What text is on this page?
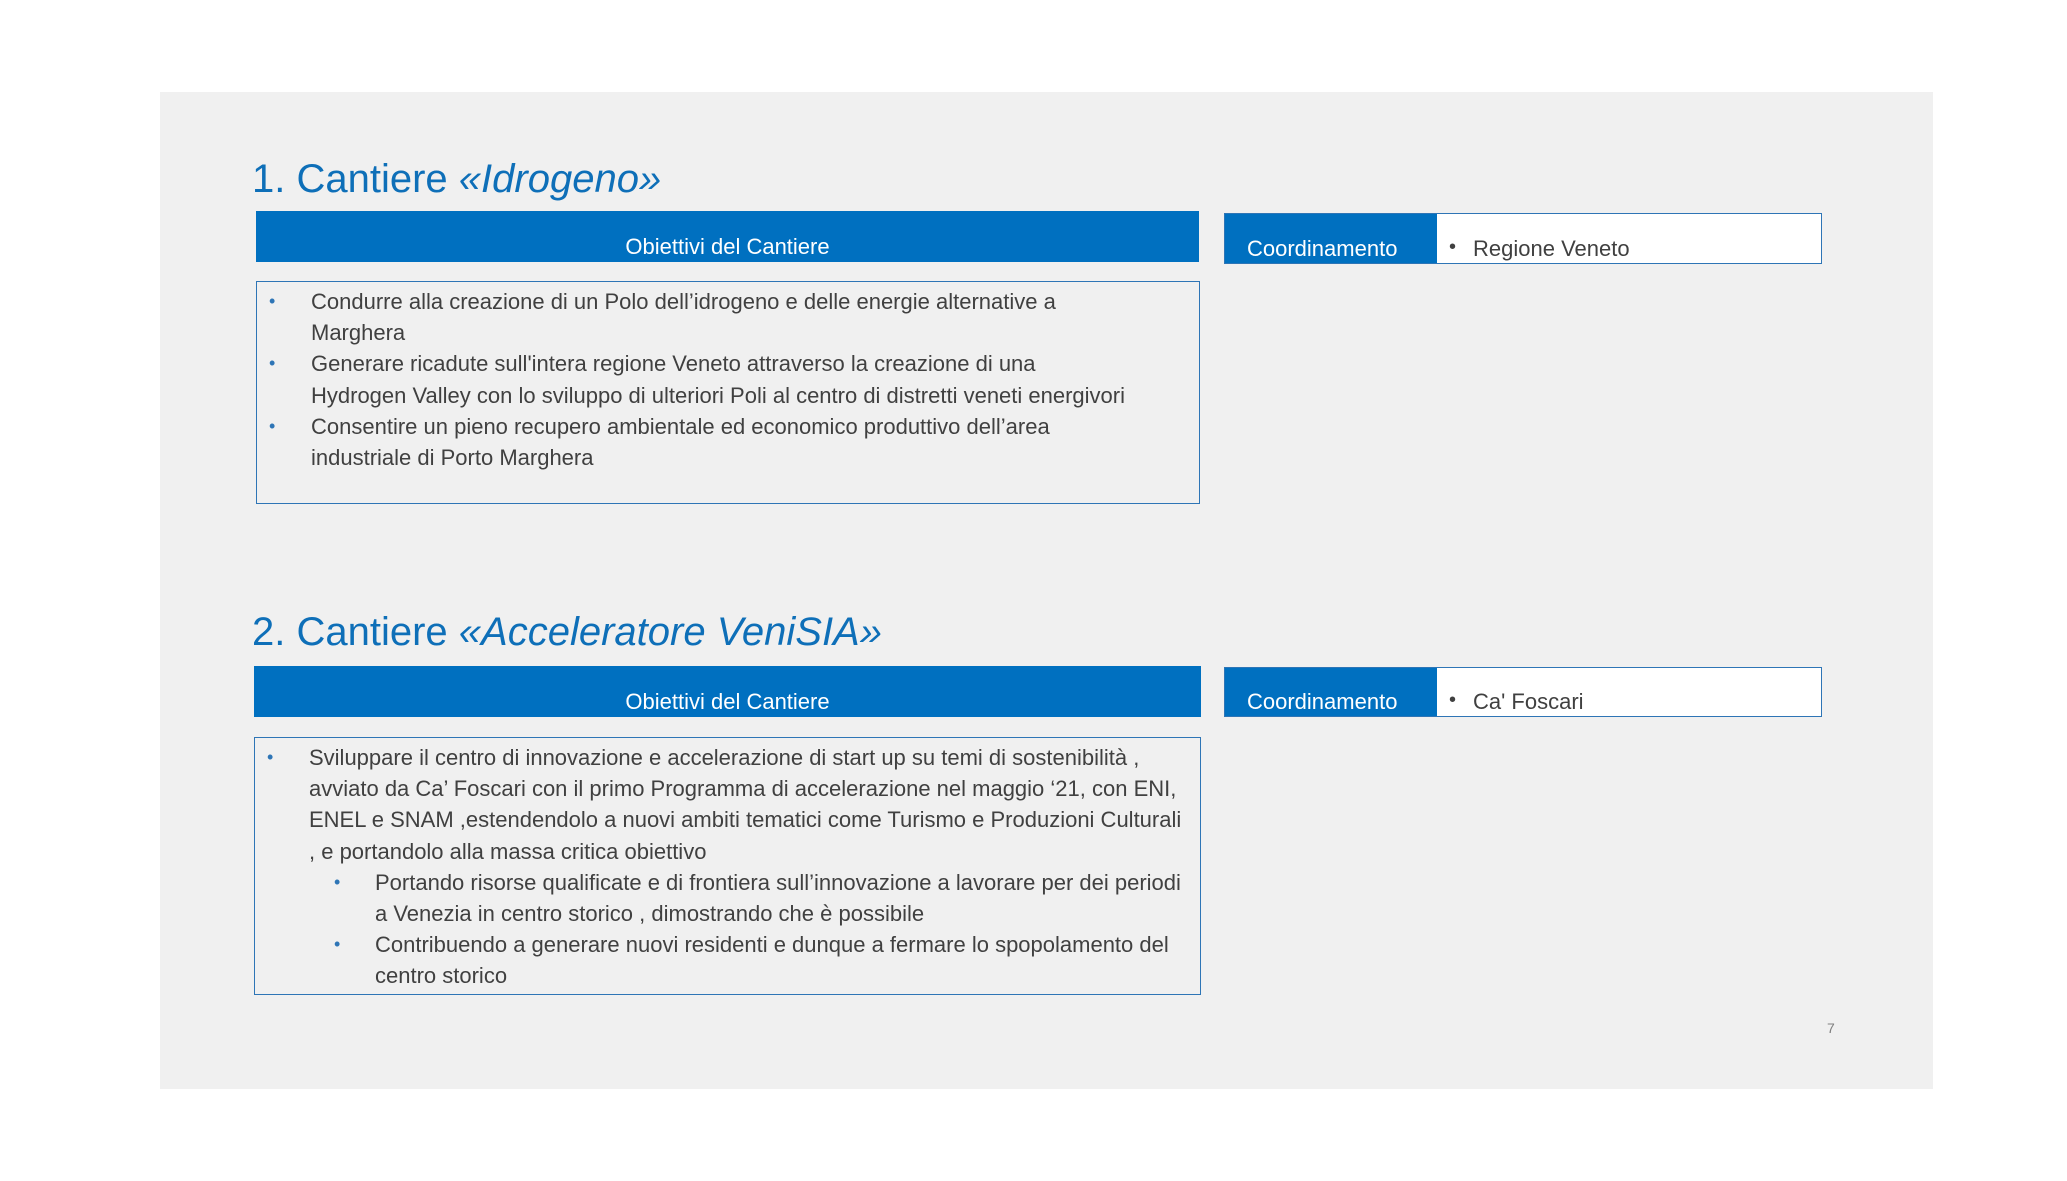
1. Cantiere «Idrogeno»
Obiettivi del Cantiere	Coordinamento	• Regione Veneto
• Condurre alla creazione di un Polo dell’idrogeno e delle energie alternative a Marghera
• Generare ricadute sull'intera regione Veneto attraverso la creazione di una Hydrogen Valley con lo sviluppo di ulteriori Poli al centro di distretti veneti energivori
• Consentire un pieno recupero ambientale ed economico produttivo dell’area industriale di Porto Marghera
2. Cantiere «Acceleratore VeniSIA»
Obiettivi del Cantiere	Coordinamento	• Ca' Foscari
• Sviluppare il centro di innovazione e accelerazione di start up su temi di sostenibilità , avviato da Ca’ Foscari con il primo Programma di accelerazione nel maggio ‘21, con ENI, ENEL e SNAM ,estendendolo a nuovi ambiti tematici come Turismo e Produzioni Culturali , e portandolo alla massa critica obiettivo
• Portando risorse qualificate e di frontiera sull’innovazione a lavorare per dei periodi a Venezia in centro storico , dimostrando che è possibile
• Contribuendo a generare nuovi residenti e dunque a fermare lo spopolamento del centro storico
7
